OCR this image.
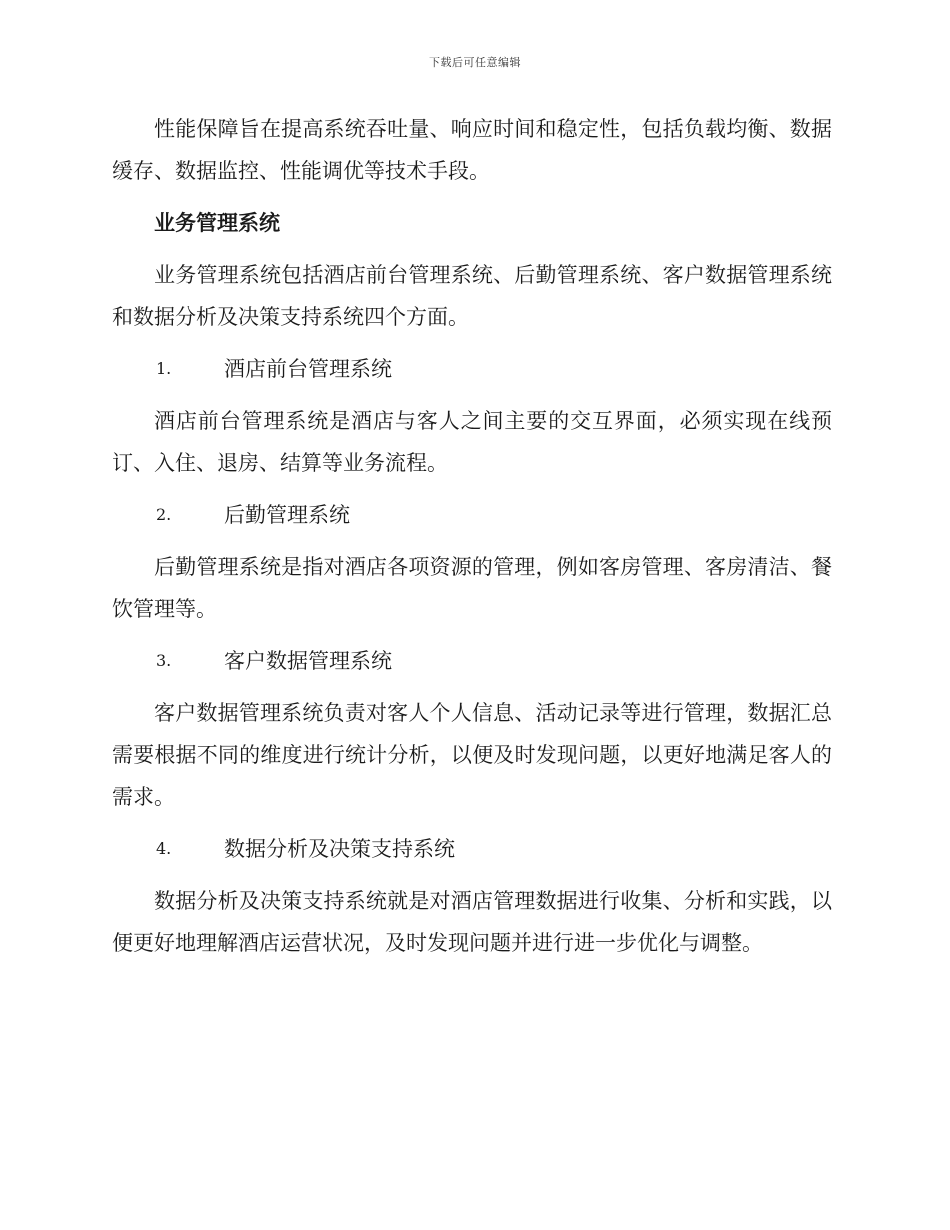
下载后可任意编辑

性能保障旨在提高系统吞吐量、响应时间和稳定性，包括负载均衡、数据缓存、数据监控、性能调优等技术手段。

业务管理系统

业务管理系统包括酒店前台管理系统、后勤管理系统、客户数据管理系统和数据分析及决策支持系统四个方面。

1.	酒店前台管理系统

酒店前台管理系统是酒店与客人之间主要的交互界面，必须实现在线预订、入住、退房、结算等业务流程。

2.	后勤管理系统

后勤管理系统是指对酒店各项资源的管理，例如客房管理、客房清洁、餐饮管理等。

3.	客户数据管理系统

客户数据管理系统负责对客人个人信息、活动记录等进行管理，数据汇总需要根据不同的维度进行统计分析，以便及时发现问题，以更好地满足客人的需求。

4.	数据分析及决策支持系统

数据分析及决策支持系统就是对酒店管理数据进行收集、分析和实践，以便更好地理解酒店运营状况，及时发现问题并进行进一步优化与调整。
